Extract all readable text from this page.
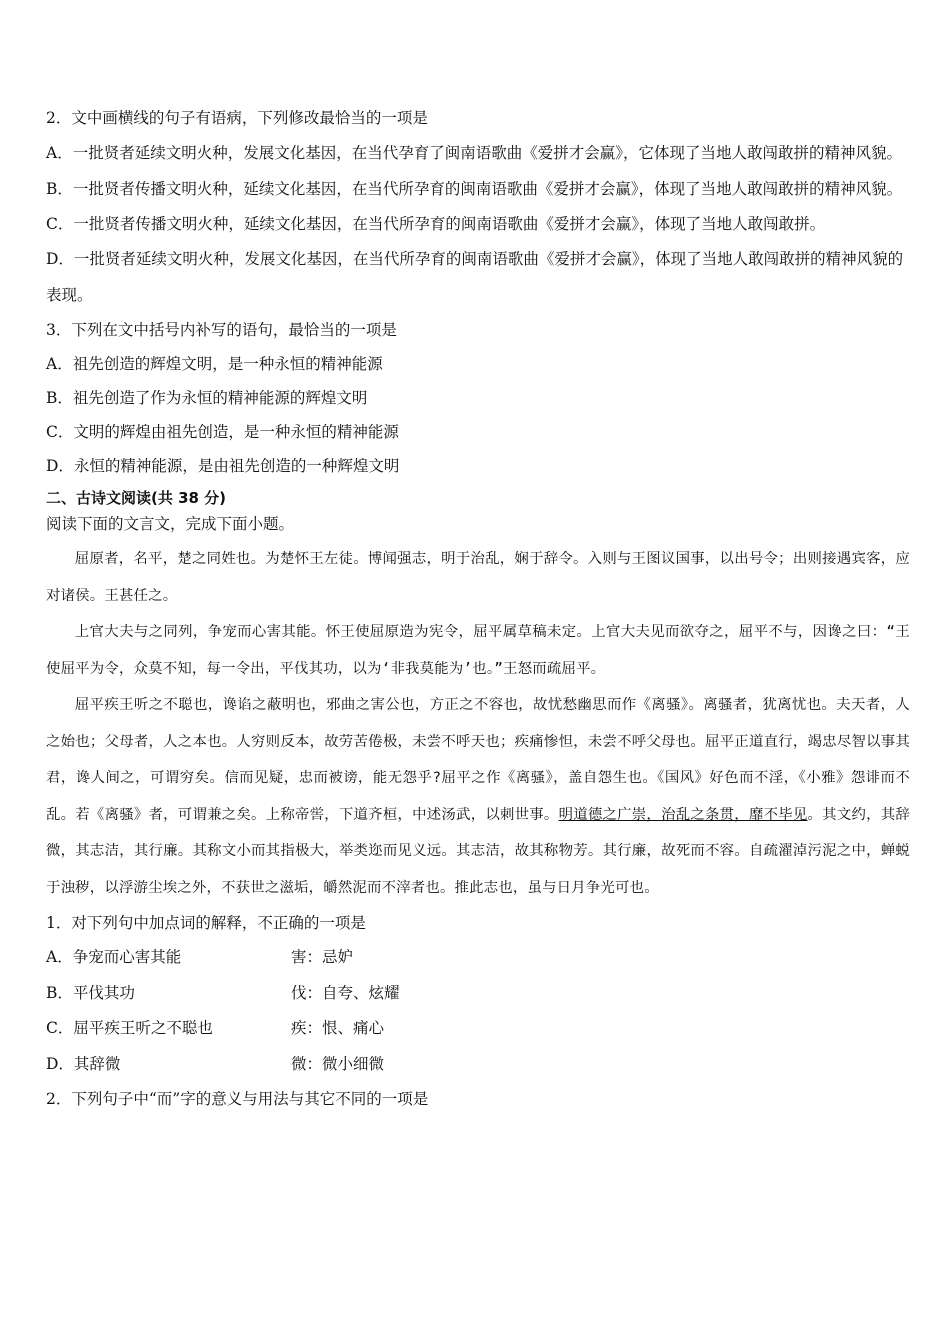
2．文中画横线的句子有语病，下列修改最恰当的一项是

A．一批贤者延续文明火种，发展文化基因，在当代孕育了闽南语歌曲《爱拼才会赢》，它体现了当地人敢闯敢拼的精神风貌。

B．一批贤者传播文明火种，延续文化基因，在当代所孕育的闽南语歌曲《爱拼才会赢》，体现了当地人敢闯敢拼的精神风貌。

C．一批贤者传播文明火种，延续文化基因，在当代所孕育的闽南语歌曲《爱拼才会赢》，体现了当地人敢闯敢拼。

D．一批贤者延续文明火种，发展文化基因，在当代所孕育的闽南语歌曲《爱拼才会赢》，体现了当地人敢闯敢拼的精神风貌的表现。

3．下列在文中括号内补写的语句，最恰当的一项是

A．祖先创造的辉煌文明，是一种永恒的精神能源

B．祖先创造了作为永恒的精神能源的辉煌文明

C．文明的辉煌由祖先创造，是一种永恒的精神能源

D．永恒的精神能源，是由祖先创造的一种辉煌文明

二、古诗文阅读(共 38 分)
阅读下面的文言文，完成下面小题。

屈原者，名平，楚之同姓也。为楚怀王左徒。博闻强志，明于治乱，娴于辞令。入则与王图议国事，以出号令；出则接遇宾客，应对诸侯。王甚任之。

上官大夫与之同列，争宠而心害其能。怀王使屈原造为宪令，屈平属草稿未定。上官大夫见而欲夺之，屈平不与，因谗之曰：“王使屈平为令，众莫不知，每一令出，平伐其功，以为‘非我莫能为’也。”王怒而疏屈平。

屈平疾王听之不聪也，谗谄之蔽明也，邪曲之害公也，方正之不容也，故忧愁幽思而作《离骚》。离骚者，犹离忧也。夫天者，人之始也；父母者，人之本也。人穷则反本，故劳苦倦极，未尝不呼天也；疾痛惨怛，未尝不呼父母也。屈平正道直行，竭忠尽智以事其君，谗人间之，可谓穷矣。信而见疑，忠而被谤，能无怨乎?屈平之作《离骚》，盖自怨生也。《国风》好色而不淫，《小雅》怨诽而不乱。若《离骚》者，可谓兼之矣。上称帝喾，下道齐桓，中述汤武，以刺世事。明道德之广崇，治乱之条贯，靡不毕见。其文约，其辞微，其志洁，其行廉。其称文小而其指极大，举类迩而见义远。其志洁，故其称物芳。其行廉，故死而不容。自疏濯淖污泥之中，蝉蜕于浊秽，以浮游尘埃之外，不获世之滋垢，皭然泥而不滓者也。推此志也，虽与日月争光可也。

1．对下列句中加点词的解释，不正确的一项是

A．争宠而心害其能	害：忌妒
B．平伐其功	伐：自夸、炫耀
C．屈平疾王听之不聪也	疾：恨、痛心
D．其辞微	微：微小细微

2．下列句子中“而”字的意义与用法与其它不同的一项是
